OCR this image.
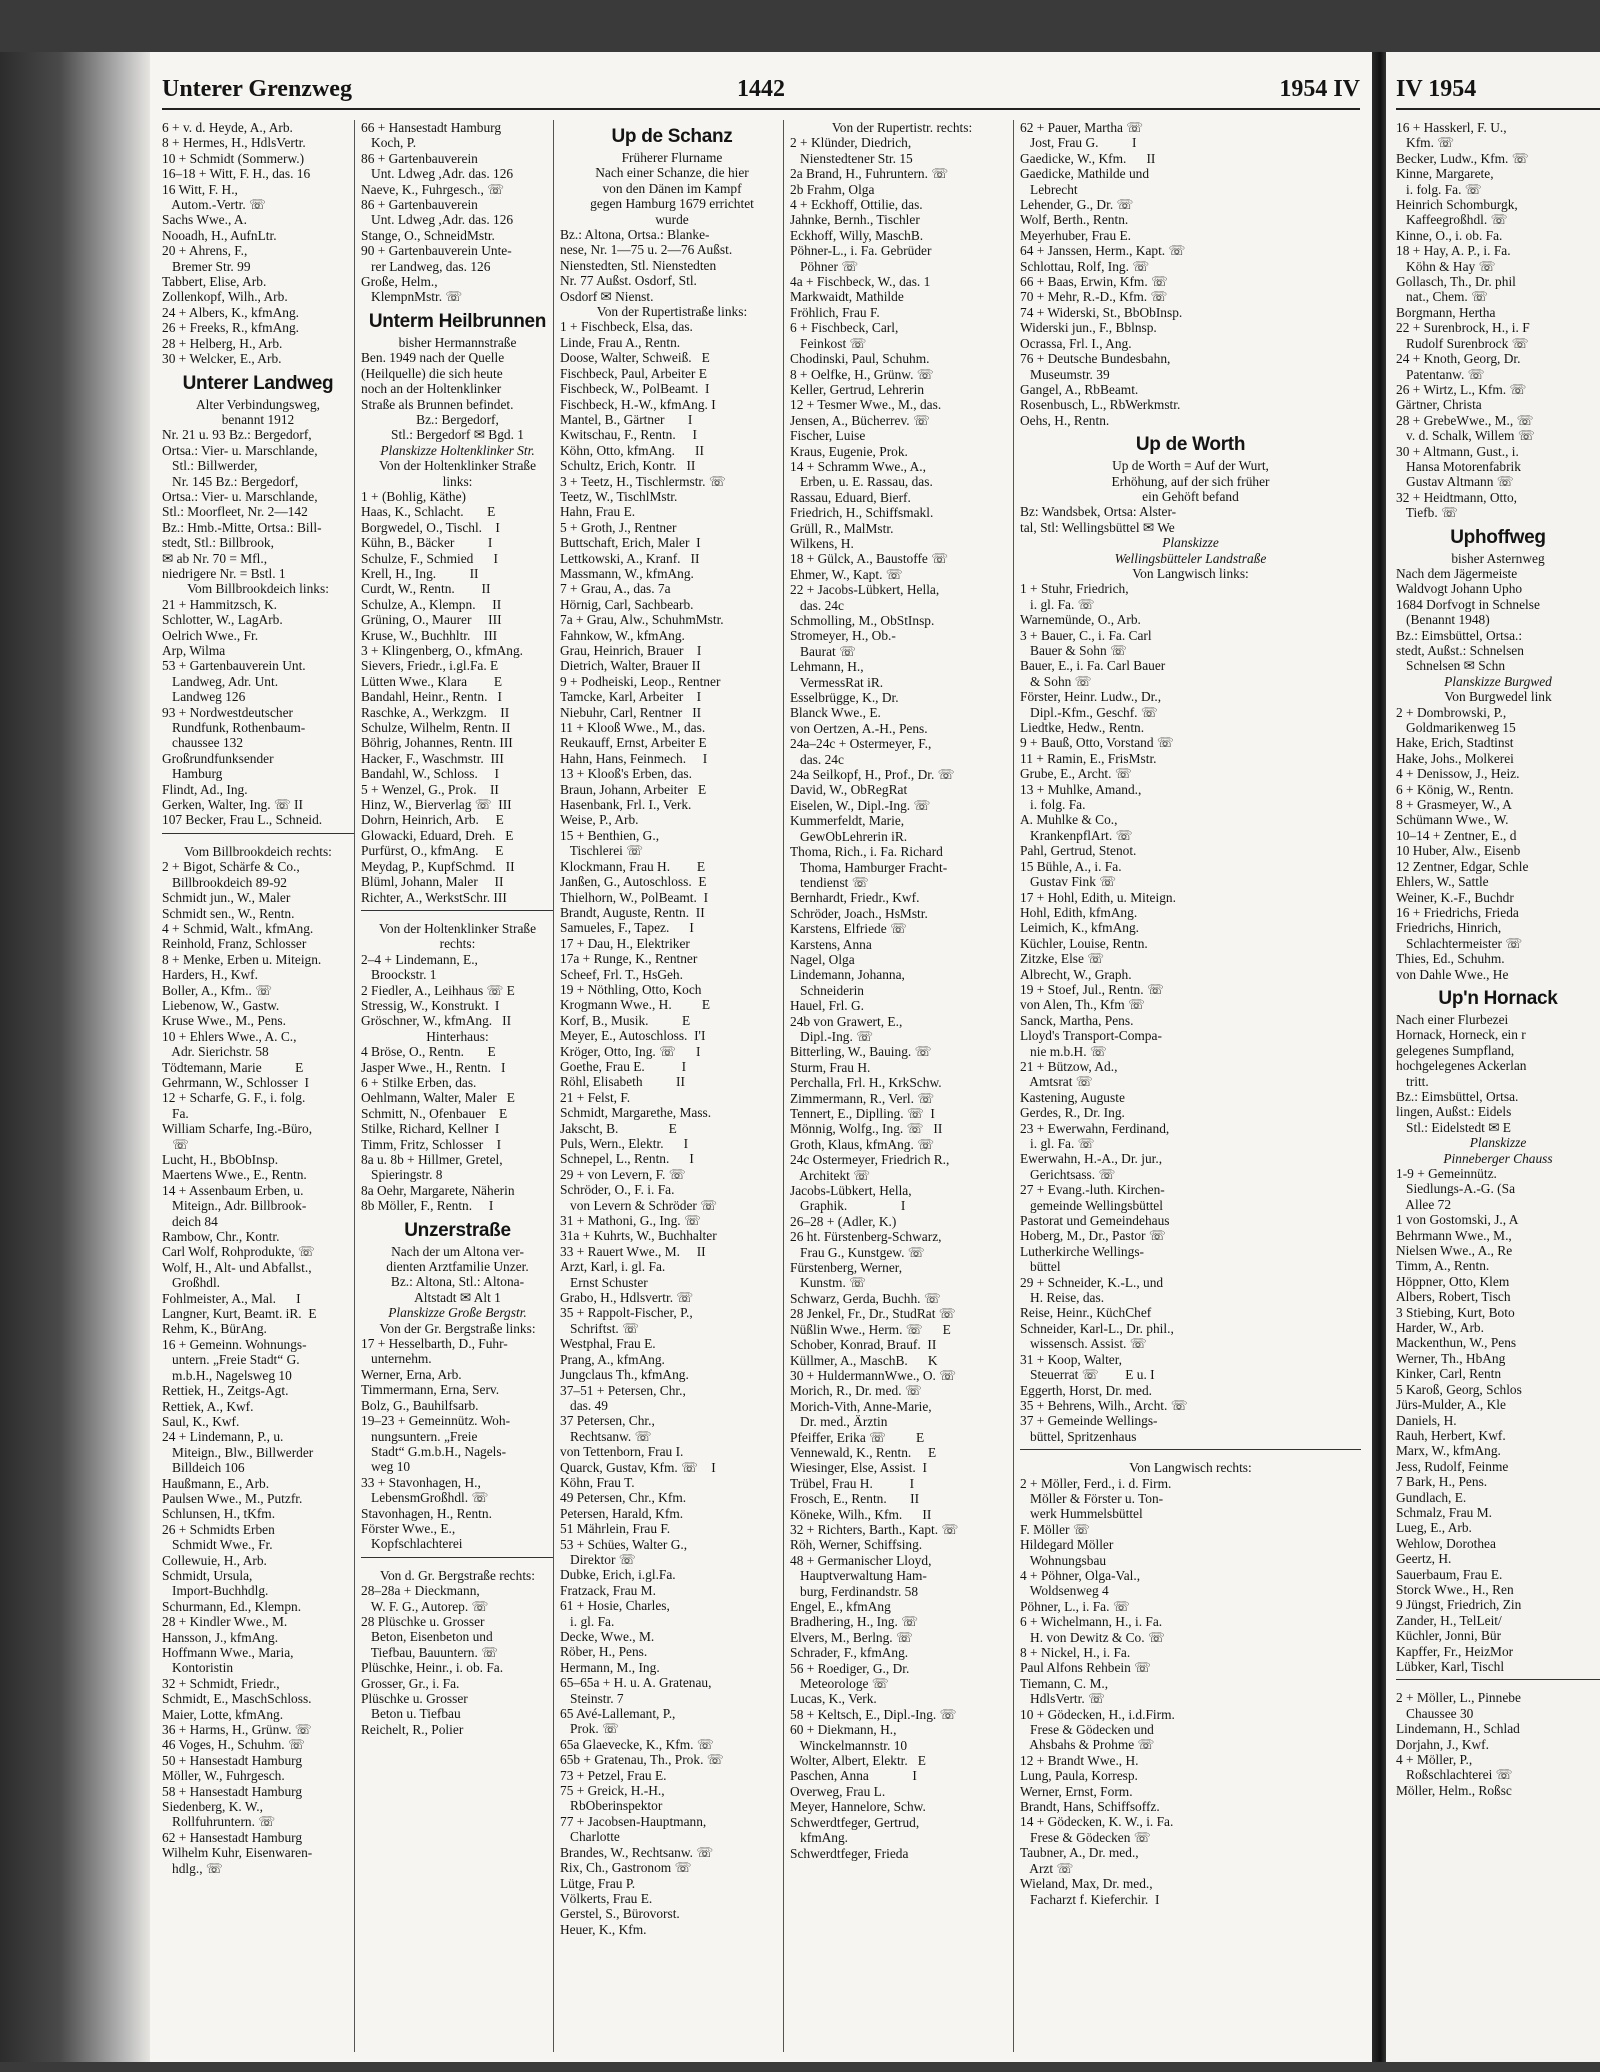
Unterer Grenzweg	1442	1954 IV
6 + v. d. Heyde, A., Arb.
8 + Hermes, H., HdlsVertr.
10 + Schmidt (Sommerw.)
16–18 + Witt, F. H., das. 16
16 Witt, F. H.,
Autom.-Vertr. ☏
Sachs Wwe., A.
Nooadh, H., AufnLtr.
20 + Ahrens, F.,
Bremer Str. 99
Tabbert, Elise, Arb.
Zollenkopf, Wilh., Arb.
24 + Albers, K., kfmAng.
26 + Freeks, R., kfmAng.
28 + Helberg, H., Arb.
30 + Welcker, E., Arb.
Unterer Landweg
Alter Verbindungsweg,
benannt 1912
Nr. 21 u. 93 Bz.: Bergedorf,
Ortsa.: Vier- u. Marschlande,
Stl.: Billwerder,
Nr. 145 Bz.: Bergedorf,
Ortsa.: Vier- u. Marschlande,
Stl.: Moorfleet, Nr. 2—142
Bz.: Hmb.-Mitte, Ortsa.: Bill-
stedt, Stl.: Billbrook,
✉ ab Nr. 70 = Mfl.,
niedrigere Nr. = Bstl. 1
Vom Billbrookdeich links:
21 + Hammitzsch, K.
Schlotter, W., LagArb.
Oelrich Wwe., Fr.
Arp, Wilma
53 + Gartenbauverein Unt.
Landweg, Adr. Unt.
Landweg 126
93 + Nordwestdeutscher
Rundfunk, Rothenbaum-
chaussee 132
Großrundfunksender
Hamburg
Flindt, Ad., Ing.
Gerken, Walter, Ing. ☏ II
107 Becker, Frau L., Schneid.
Vom Billbrookdeich rechts:
2 + Bigot, Schärfe & Co.,
Billbrookdeich 89-92
Schmidt jun., W., Maler
Schmidt sen., W., Rentn.
4 + Schmid, Walt., kfmAng.
Reinhold, Franz, Schlosser
8 + Menke, Erben u. Miteign.
Harders, H., Kwf.
Boller, A., Kfm.. ☏
Liebenow, W., Gastw.
Kruse Wwe., M., Pens.
10 + Ehlers Wwe., A. C.,
Adr. Sierichstr. 58
Tödtemann, Marie          E
Gehrmann, W., Schlosser  I
12 + Scharfe, G. F., i. folg.
Fa.
William Scharfe, Ing.-Büro,
☏
Lucht, H., BbObInsp.
Maertens Wwe., E., Rentn.
14 + Assenbaum Erben, u.
Miteign., Adr. Billbrook-
deich 84
Rambow, Chr., Kontr.
Carl Wolf, Rohprodukte, ☏
Wolf, H., Alt- und Abfallst.,
Großhdl.
Fohlmeister, A., Mal.      I
Langner, Kurt, Beamt. iR.  E
Rehm, K., BürAng.
16 + Gemeinn. Wohnungs-
untern. „Freie Stadt“ G.
m.b.H., Nagelsweg 10
Rettiek, H., Zeitgs-Agt.
Rettiek, A., Kwf.
Saul, K., Kwf.
24 + Lindemann, P., u.
Miteign., Blw., Billwerder
Billdeich 106
Haußmann, E., Arb.
Paulsen Wwe., M., Putzfr.
Schlunsen, H., tKfm.
26 + Schmidts Erben
Schmidt Wwe., Fr.
Collewuie, H., Arb.
Schmidt, Ursula,
Import-Buchhdlg.
Schurmann, Ed., Klempn.
28 + Kindler Wwe., M.
Hansson, J., kfmAng.
Hoffmann Wwe., Maria,
Kontoristin
32 + Schmidt, Friedr.,
Schmidt, E., MaschSchloss.
Maier, Lotte, kfmAng.
36 + Harms, H., Grünw. ☏
46 Voges, H., Schuhm. ☏
50 + Hansestadt Hamburg
Möller, W., Fuhrgesch.
58 + Hansestadt Hamburg
Siedenberg, K. W.,
Rollfuhruntern. ☏
62 + Hansestadt Hamburg
Wilhelm Kuhr, Eisenwaren-
hdlg., ☏
66 + Hansestadt Hamburg
Koch, P.
86 + Gartenbauverein
Unt. Ldweg ,Adr. das. 126
Naeve, K., Fuhrgesch., ☏
86 + Gartenbauverein
Unt. Ldweg ,Adr. das. 126
Stange, O., SchneidMstr.
90 + Gartenbauverein Unte-
rer Landweg, das. 126
Große, Helm.,
KlempnMstr. ☏
Unterm Heilbrunnen
bisher Hermannstraße
Ben. 1949 nach der Quelle
(Heilquelle) die sich heute
noch an der Holtenklinker
Straße als Brunnen befindet.
Bz.: Bergedorf,
Stl.: Bergedorf ✉ Bgd. 1
Planskizze Holtenklinker Str.
Von der Holtenklinker Straße
links:
1 + (Bohlig, Käthe)
Haas, K., Schlacht.       E
Borgwedel, O., Tischl.    I
Kühn, B., Bäcker          I
Schulze, F., Schmied      I
Krell, H., Ing.          II
Curdt, W., Rentn.        II
Schulze, A., Klempn.     II
Grüning, O., Maurer     III
Kruse, W., Buchhltr.    III
3 + Klingenberg, O., kfmAng.
Sievers, Friedr., i.gl.Fa. E
Lütten Wwe., Klara        E
Bandahl, Heinr., Rentn.   I
Raschke, A., Werkzgm.    II
Schulze, Wilhelm, Rentn. II
Böhrig, Johannes, Rentn. III
Hacker, F., Waschmstr.  III
Bandahl, W., Schloss.     I
5 + Wenzel, G., Prok.    II
Hinz, W., Bierverlag ☏  III
Dohrn, Heinrich, Arb.     E
Glowacki, Eduard, Dreh.   E
Purfürst, O., kfmAng.     E
Meydag, P., KupfSchmd.   II
Blüml, Johann, Maler     II
Richter, A., WerkstSchr. III
Von der Holtenklinker Straße
rechts:
2–4 + Lindemann, E.,
Broockstr. 1
2 Fiedler, A., Leihhaus ☏ E
Stressig, W., Konstrukt.  I
Gröschner, W., kfmAng.   II
Hinterhaus:
4 Bröse, O., Rentn.       E
Jasper Wwe., H., Rentn.   I
6 + Stilke Erben, das.
Oehlmann, Walter, Maler   E
Schmitt, N., Ofenbauer    E
Stilke, Richard, Kellner  I
Timm, Fritz, Schlosser    I
8a u. 8b + Hillmer, Gretel,
Spieringstr. 8
8a Oehr, Margarete, Näherin
8b Möller, F., Rentn.     I
Unzerstraße
Nach der um Altona ver-
dienten Arztfamilie Unzer.
Bz.: Altona, Stl.: Altona-
Altstadt ✉ Alt 1
Planskizze Große Bergstr.
Von der Gr. Bergstraße links:
17 + Hesselbarth, D., Fuhr-
unternehm.
Werner, Erna, Arb.
Timmermann, Erna, Serv.
Bolz, G., Bauhilfsarb.
19–23 + Gemeinnütz. Woh-
nungsuntern. „Freie
Stadt“ G.m.b.H., Nagels-
weg 10
33 + Stavonhagen, H.,
LebensmGroßhdl. ☏
Stavonhagen, H., Rentn.
Förster Wwe., E.,
Kopfschlachterei
Von d. Gr. Bergstraße rechts:
28–28a + Dieckmann,
W. F. G., Autorep. ☏
28 Plüschke u. Grosser
Beton, Eisenbeton und
Tiefbau, Bauuntern. ☏
Plüschke, Heinr., i. ob. Fa.
Grosser, Gr., i. Fa.
Plüschke u. Grosser
Beton u. Tiefbau
Reichelt, R., Polier
Up de Schanz
Früherer Flurname
Nach einer Schanze, die hier
von den Dänen im Kampf
gegen Hamburg 1679 errichtet
wurde
Bz.: Altona, Ortsa.: Blanke-
nese, Nr. 1—75 u. 2—76 Außst.
Nienstedten, Stl. Nienstedten
Nr. 77 Außst. Osdorf, Stl.
Osdorf ✉ Nienst.
Von der Rupertistraße links:
1 + Fischbeck, Elsa, das.
Linde, Frau A., Rentn.
Doose, Walter, Schweiß.   E
Fischbeck, Paul, Arbeiter E
Fischbeck, W., PolBeamt.  I
Fischbeck, H.-W., kfmAng. I
Mantel, B., Gärtner       I
Kwitschau, F., Rentn.     I
Köhn, Otto, kfmAng.      II
Schultz, Erich, Kontr.   II
3 + Teetz, H., Tischlermstr. ☏
Teetz, W., TischlMstr.
Hahn, Frau E.
5 + Groth, J., Rentner
Buttschaft, Erich, Maler  I
Lettkowski, A., Kranf.   II
Massmann, W., kfmAng.
7 + Grau, A., das. 7a
Hörnig, Carl, Sachbearb.
7a + Grau, Alw., SchuhmMstr.
Fahnkow, W., kfmAng.
Grau, Heinrich, Brauer    I
Dietrich, Walter, Brauer II
9 + Podheiski, Leop., Rentner
Tamcke, Karl, Arbeiter    I
Niebuhr, Carl, Rentner   II
11 + Klooß Wwe., M., das.
Reukauff, Ernst, Arbeiter E
Hahn, Hans, Feinmech.     I
13 + Klooß's Erben, das.
Braun, Johann, Arbeiter   E
Hasenbank, Frl. I., Verk.
Weise, P., Arb.
15 + Benthien, G.,
Tischlerei ☏
Klockmann, Frau H.        E
Janßen, G., Autoschloss.  E
Thielhorn, W., PolBeamt.  I
Brandt, Auguste, Rentn.  II
Samueles, F., Tapez.      I
17 + Dau, H., Elektriker
17a + Runge, K., Rentner
Scheef, Frl. T., HsGeh.
19 + Nöthling, Otto, Koch
Krogmann Wwe., H.         E
Korf, B., Musik.          E
Meyer, E., Autoschloss.  I'I
Kröger, Otto, Ing. ☏      I
Goethe, Frau E.           I
Röhl, Elisabeth          II
21 + Felst, F.
Schmidt, Margarethe, Mass.
Jakscht, B.               E
Puls, Wern., Elektr.      I
Schnepel, L., Rentn.      I
29 + von Levern, F. ☏
Schröder, O., F. i. Fa.
von Levern & Schröder ☏
31 + Mathoni, G., Ing. ☏
31a + Kuhrts, W., Buchhalter
33 + Rauert Wwe., M.     II
Arzt, Karl, i. gl. Fa.
Ernst Schuster
Grabo, H., Hdlsvertr. ☏
35 + Rappolt-Fischer, P.,
Schriftst. ☏
Westphal, Frau E.
Prang, A., kfmAng.
Jungclaus Th., kfmAng.
37–51 + Petersen, Chr.,
das. 49
37 Petersen, Chr.,
Rechtsanw. ☏
von Tettenborn, Frau I.
Quarck, Gustav, Kfm. ☏    I
Köhn, Frau T.
49 Petersen, Chr., Kfm.
Petersen, Harald, Kfm.
51 Mährlein, Frau F.
53 + Schües, Walter G.,
Direktor ☏
Dubke, Erich, i.gl.Fa.
Fratzack, Frau M.
61 + Hosie, Charles,
i. gl. Fa.
Decke, Wwe., M.
Röber, H., Pens.
Hermann, M., Ing.
65–65a + H. u. A. Gratenau,
Steinstr. 7
65 Avé-Lallemant, P.,
Prok. ☏
65a Glaevecke, K., Kfm. ☏
65b + Gratenau, Th., Prok. ☏
73 + Petzel, Frau E.
75 + Greick, H.-H.,
RbOberinspektor
77 + Jacobsen-Hauptmann,
Charlotte
Brandes, W., Rechtsanw. ☏
Rix, Ch., Gastronom ☏
Lütge, Frau P.
Völkerts, Frau E.
Gerstel, S., Bürovorst.
Heuer, K., Kfm.
Von der Rupertistr. rechts:
2 + Klünder, Diedrich,
Nienstedtener Str. 15
2a Brand, H., Fuhruntern. ☏
2b Frahm, Olga
4 + Eckhoff, Ottilie, das.
Jahnke, Bernh., Tischler
Eckhoff, Willy, MaschB.
Pöhner-L., i. Fa. Gebrüder
Pöhner ☏
4a + Fischbeck, W., das. 1
Markwaidt, Mathilde
Fröhlich, Frau F.
6 + Fischbeck, Carl,
Feinkost ☏
Chodinski, Paul, Schuhm.
8 + Oelfke, H., Grünw. ☏
Keller, Gertrud, Lehrerin
12 + Tesmer Wwe., M., das.
Jensen, A., Bücherrev. ☏
Fischer, Luise
Kraus, Eugenie, Prok.
14 + Schramm Wwe., A.,
Erben, u. E. Rassau, das.
Rassau, Eduard, Bierf.
Friedrich, H., Schiffsmakl.
Grüll, R., MalMstr.
Wilkens, H.
18 + Gülck, A., Baustoffe ☏
Ehmer, W., Kapt. ☏
22 + Jacobs-Lübkert, Hella,
das. 24c
Schmolling, M., ObStInsp.
Stromeyer, H., Ob.-
Baurat ☏
Lehmann, H.,
VermessRat iR.
Esselbrügge, K., Dr.
Blanck Wwe., E.
von Oertzen, A.-H., Pens.
24a–24c + Ostermeyer, F.,
das. 24c
24a Seilkopf, H., Prof., Dr. ☏
David, W., ObRegRat
Eiselen, W., Dipl.-Ing. ☏
Kummerfeldt, Marie,
GewObLehrerin iR.
Thoma, Rich., i. Fa. Richard
Thoma, Hamburger Fracht-
tendienst ☏
Bernhardt, Friedr., Kwf.
Schröder, Joach., HsMstr.
Karstens, Elfriede ☏
Karstens, Anna
Nagel, Olga
Lindemann, Johanna,
Schneiderin
Hauel, Frl. G.
24b von Grawert, E.,
Dipl.-Ing. ☏
Bitterling, W., Bauing. ☏
Sturm, Frau H.
Perchalla, Frl. H., KrkSchw.
Zimmermann, R., Verl. ☏
Tennert, E., Diplling. ☏  I
Mönnig, Wolfg., Ing. ☏   II
Groth, Klaus, kfmAng. ☏
24c Ostermeyer, Friedrich R.,
Architekt ☏
Jacobs-Lübkert, Hella,
Graphik.                I
26–28 + (Adler, K.)
26 ht. Fürstenberg-Schwarz,
Frau G., Kunstgew. ☏
Fürstenberg, Werner,
Kunstm. ☏
Schwarz, Gerda, Buchh. ☏
28 Jenkel, Fr., Dr., StudRat ☏
Nüßlin Wwe., Herm. ☏      E
Schober, Konrad, Brauf.  II
Küllmer, A., MaschB.      K
30 + HuldermannWwe., O. ☏
Morich, R., Dr. med. ☏
Morich-Vith, Anne-Marie,
Dr. med., Ärztin
Pfeiffer, Erika ☏         E
Vennewald, K., Rentn.     E
Wiesinger, Else, Assist.  I
Trübel, Frau H.           I
Frosch, E., Rentn.       II
Köneke, Wilh., Kfm.      II
32 + Richters, Barth., Kapt. ☏
Röh, Werner, Schiffsing.
48 + Germanischer Lloyd,
Hauptverwaltung Ham-
burg, Ferdinandstr. 58
Engel, E., kfmAng
Bradhering, H., Ing. ☏
Elvers, M., Berlng. ☏
Schrader, F., kfmAng.
56 + Roediger, G., Dr.
Meteorologe ☏
Lucas, K., Verk.
58 + Keltsch, E., Dipl.-Ing. ☏
60 + Diekmann, H.,
Winckelmannstr. 10
Wolter, Albert, Elektr.   E
Paschen, Anna             I
Overweg, Frau L.
Meyer, Hannelore, Schw.
Schwerdtfeger, Gertrud,
kfmAng.
Schwerdtfeger, Frieda
62 + Pauer, Martha ☏
Jost, Frau G.          I
Gaedicke, W., Kfm.      II
Gaedicke, Mathilde und
Lebrecht
Lehender, G., Dr. ☏
Wolf, Berth., Rentn.
Meyerhuber, Frau E.
64 + Janssen, Herm., Kapt. ☏
Schlottau, Rolf, Ing. ☏
66 + Baas, Erwin, Kfm. ☏
70 + Mehr, R.-D., Kfm. ☏
74 + Widerski, St., BbObInsp.
Widerski jun., F., Bblnsp.
Ocrassa, Frl. I., Ang.
76 + Deutsche Bundesbahn,
Museumstr. 39
Gangel, A., RbBeamt.
Rosenbusch, L., RbWerkmstr.
Oehs, H., Rentn.
Up de Worth
Up de Worth = Auf der Wurt,
Erhöhung, auf der sich früher
ein Gehöft befand
Bz: Wandsbek, Ortsa: Alster-
tal, Stl: Wellingsbüttel ✉ We
Planskizze
Wellingsbütteler Landstraße
Von Langwisch links:
1 + Stuhr, Friedrich,
i. gl. Fa. ☏
Warnemünde, O., Arb.
3 + Bauer, C., i. Fa. Carl
Bauer & Sohn ☏
Bauer, E., i. Fa. Carl Bauer
& Sohn ☏
Förster, Heinr. Ludw., Dr.,
Dipl.-Kfm., Geschf. ☏
Liedtke, Hedw., Rentn.
9 + Bauß, Otto, Vorstand ☏
11 + Ramin, E., FrisMstr.
Grube, E., Archt. ☏
13 + Muhlke, Amand.,
i. folg. Fa.
A. Muhlke & Co.,
KrankenpflArt. ☏
Pahl, Gertrud, Stenot.
15 Bühle, A., i. Fa.
Gustav Fink ☏
17 + Hohl, Edith, u. Miteign.
Hohl, Edith, kfmAng.
Leimich, K., kfmAng.
Küchler, Louise, Rentn.
Zitzke, Else ☏
Albrecht, W., Graph.
19 + Stoef, Jul., Rentn. ☏
von Alen, Th., Kfm ☏
Sanck, Martha, Pens.
Lloyd's Transport-Compa-
nie m.b.H. ☏
21 + Bützow, Ad.,
Amtsrat ☏
Kastening, Auguste
Gerdes, R., Dr. Ing.
23 + Ewerwahn, Ferdinand,
i. gl. Fa. ☏
Ewerwahn, H.-A., Dr. jur.,
Gerichtsass. ☏
27 + Evang.-luth. Kirchen-
gemeinde Wellingsbüttel
Pastorat und Gemeindehaus
Hoberg, M., Dr., Pastor ☏
Lutherkirche Wellings-
büttel
29 + Schneider, K.-L., und
H. Reise, das.
Reise, Heinr., KüchChef
Schneider, Karl-L., Dr. phil.,
wissensch. Assist. ☏
31 + Koop, Walter,
Steuerrat ☏        E u. I
Eggerth, Horst, Dr. med.
35 + Behrens, Wilh., Archt. ☏
37 + Gemeinde Wellings-
büttel, Spritzenhaus
Von Langwisch rechts:
2 + Möller, Ferd., i. d. Firm.
Möller & Förster u. Ton-
werk Hummelsbüttel
F. Möller ☏
Hildegard Möller
Wohnungsbau
4 + Pöhner, Olga-Val.,
Woldsenweg 4
Pöhner, L., i. Fa. ☏
6 + Wichelmann, H., i. Fa.
H. von Dewitz & Co. ☏
8 + Nickel, H., i. Fa.
Paul Alfons Rehbein ☏
Tiemann, C. M.,
HdlsVertr. ☏
10 + Gödecken, H., i.d.Firm.
Frese & Gödecken und
Ahsbahs & Prohme ☏
12 + Brandt Wwe., H.
Lung, Paula, Korresp.
Werner, Ernst, Form.
Brandt, Hans, Schiffsoffz.
14 + Gödecken, K. W., i. Fa.
Frese & Gödecken ☏
Taubner, A., Dr. med.,
Arzt ☏
Wieland, Max, Dr. med.,
Facharzt f. Kieferchir.  I
IV 1954
16 + Hasskerl, F. U.,
Kfm. ☏
Becker, Ludw., Kfm. ☏
Kinne, Margarete,
i. folg. Fa. ☏
Heinrich Schomburgk,
Kaffeegroßhdl. ☏
Kinne, O., i. ob. Fa.
18 + Hay, A. P., i. Fa.
Köhn & Hay ☏
Gollasch, Th., Dr. phil
nat., Chem. ☏
Borgmann, Hertha
22 + Surenbrock, H., i. F
Rudolf Surenbrock ☏
24 + Knoth, Georg, Dr.
Patentanw. ☏
26 + Wirtz, L., Kfm. ☏
Gärtner, Christa
28 + GrebeWwe., M., ☏
v. d. Schalk, Willem ☏
30 + Altmann, Gust., i.
Hansa Motorenfabrik
Gustav Altmann ☏
32 + Heidtmann, Otto,
Tiefb. ☏
Uphoffweg
bisher Asternweg
Nach dem Jägermeiste
Waldvogt Johann Upho
1684 Dorfvogt in Schnelse
(Benannt 1948)
Bz.: Eimsbüttel, Ortsa.:
stedt, Außst.: Schnelsen
Schnelsen ✉ Schn
Planskizze Burgwed
Von Burgwedel link
2 + Dombrowski, P.,
Goldmarikenweg 15
Hake, Erich, Stadtinst
Hake, Johs., Molkerei
4 + Denissow, J., Heiz.
6 + König, W., Rentn.
8 + Grasmeyer, W., A
Schümann Wwe., W.
10–14 + Zentner, E., d
10 Huber, Alw., Eisenb
12 Zentner, Edgar, Schle
Ehlers, W., Sattle
Weiner, K.-F., Buchdr
16 + Friedrichs, Frieda
Friedrichs, Hinrich,
Schlachtermeister ☏
Thies, Ed., Schuhm.
von Dahle Wwe., He
Up'n Hornack
Nach einer Flurbezei
Hornack, Horneck, ein r
gelegenes Sumpfland,
hochgelegenes Ackerlan
tritt.
Bz.: Eimsbüttel, Ortsa.
lingen, Außst.: Eidels
Stl.: Eidelstedt ✉ E
Planskizze
Pinneberger Chauss
1-9 + Gemeinnütz.
Siedlungs-A.-G. (Sa
Allee 72
1 von Gostomski, J., A
Behrmann Wwe., M.,
Nielsen Wwe., A., Re
Timm, A., Rentn.
Höppner, Otto, Klem
Albers, Robert, Tisch
3 Stiebing, Kurt, Boto
Harder, W., Arb.
Mackenthun, W., Pens
Werner, Th., HbAng
Kinker, Carl, Rentn
5 Karoß, Georg, Schlos
Jürs-Mulder, A., Kle
Daniels, H.
Rauh, Herbert, Kwf.
Marx, W., kfmAng.
Jess, Rudolf, Feinme
7 Bark, H., Pens.
Gundlach, E.
Schmalz, Frau M.
Lueg, E., Arb.
Wehlow, Dorothea
Geertz, H.
Sauerbaum, Frau E.
Storck Wwe., H., Ren
9 Jüngst, Friedrich, Zin
Zander, H., TelLeit/
Küchler, Jonni, Bür
Kapffer, Fr., HeizMor
Lübker, Karl, Tischl
2 + Möller, L., Pinnebe
Chaussee 30
Lindemann, H., Schlad
Dorjahn, J., Kwf.
4 + Möller, P.,
Roßschlachterei ☏
Möller, Helm., Roßsc
